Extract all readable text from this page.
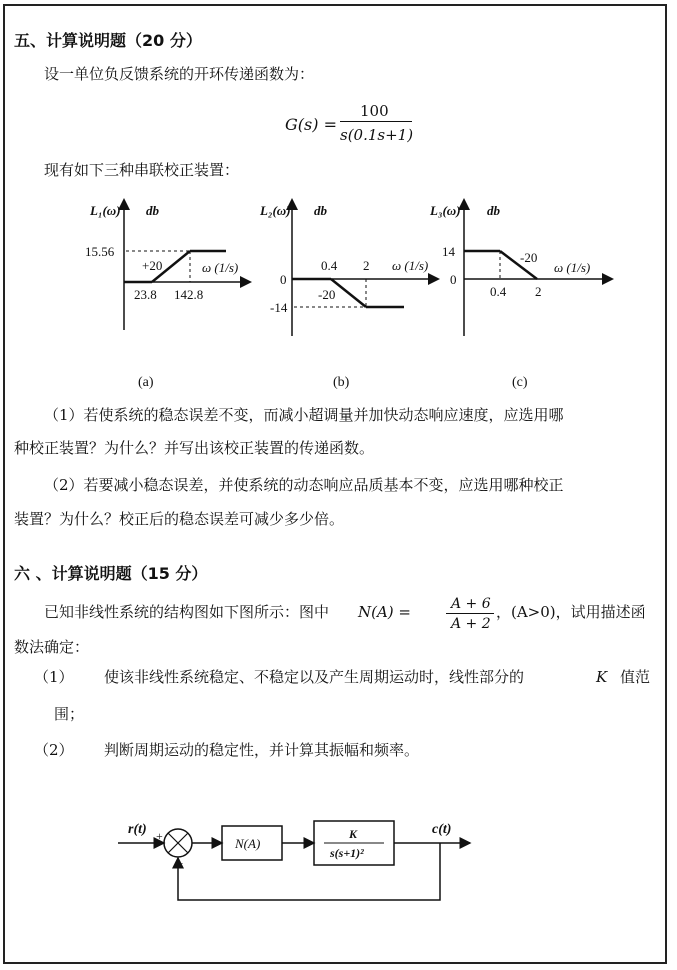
五、计算说明题（20 分）
设一单位负反馈系统的开环传递函数为：
G(s) =
100
s(0.1s+1)
现有如下三种串联校正装置：
L₁(ω) db
15.56
+20
23.8 142.8
ω (1/s)
(a)
L₂(ω) db
0
-14
0.4 2
-20
ω (1/s)
(b)
L₃(ω) db
14
0
-20
ω (1/s)
0.4 2
(c)
（1）若使系统的稳态误差不变，而减小超调量并加快动态响应速度，应选用哪
种校正装置？为什么？并写出该校正装置的传递函数。
（2）若要减小稳态误差，并使系统的动态响应品质基本不变，应选用哪种校正
装置？为什么？校正后的稳态误差可减少多少倍。
六 、计算说明题（15 分）
已知非线性系统的结构图如下图所示：图中 N(A) =	A + 6
A + 2
，(A>0)，试用描述函
数法确定：
（1） 使该非线性系统稳定、不稳定以及产生周期运动时，线性部分的	K 值范
围；
（2） 判断周期运动的稳定性，并计算其振幅和频率。
r(t) +
−
N(A)
K
s(s+1)²
c(t)
